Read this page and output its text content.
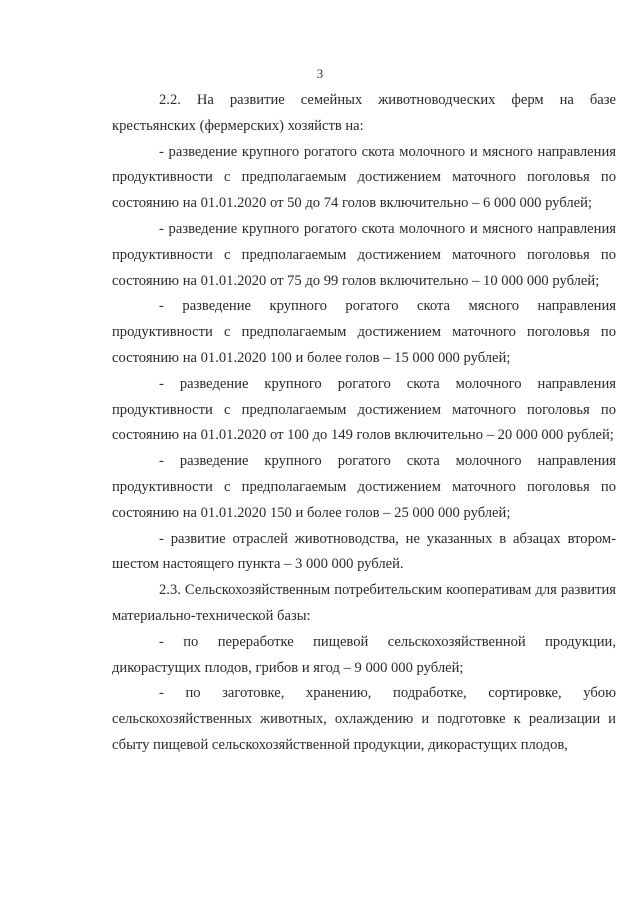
3

2.2. На развитие семейных животноводческих ферм на базе крестьянских (фермерских) хозяйств на:

- разведение крупного рогатого скота молочного и мясного направления продуктивности с предполагаемым достижением маточного поголовья по состоянию на 01.01.2020 от 50 до 74 голов включительно – 6 000 000 рублей;

- разведение крупного рогатого скота молочного и мясного направления продуктивности с предполагаемым достижением маточного поголовья по состоянию на 01.01.2020 от 75 до 99 голов включительно – 10 000 000 рублей;

- разведение крупного рогатого скота мясного направления продуктивности с предполагаемым достижением маточного поголовья по состоянию на 01.01.2020 100 и более голов – 15 000 000 рублей;

- разведение крупного рогатого скота молочного направления продуктивности с предполагаемым достижением маточного поголовья по состоянию на 01.01.2020 от 100 до 149 голов включительно – 20 000 000 рублей;

- разведение крупного рогатого скота молочного направления продуктивности с предполагаемым достижением маточного поголовья по состоянию на 01.01.2020 150 и более голов – 25 000 000 рублей;

- развитие отраслей животноводства, не указанных в абзацах втором-шестом настоящего пункта – 3 000 000 рублей.

2.3. Сельскохозяйственным потребительским кооперативам для развития материально-технической базы:

- по переработке пищевой сельскохозяйственной продукции, дикорастущих плодов, грибов и ягод – 9 000 000 рублей;

- по заготовке, хранению, подработке, сортировке, убою сельскохозяйственных животных, охлаждению и подготовке к реализации и сбыту пищевой сельскохозяйственной продукции, дикорастущих плодов,
